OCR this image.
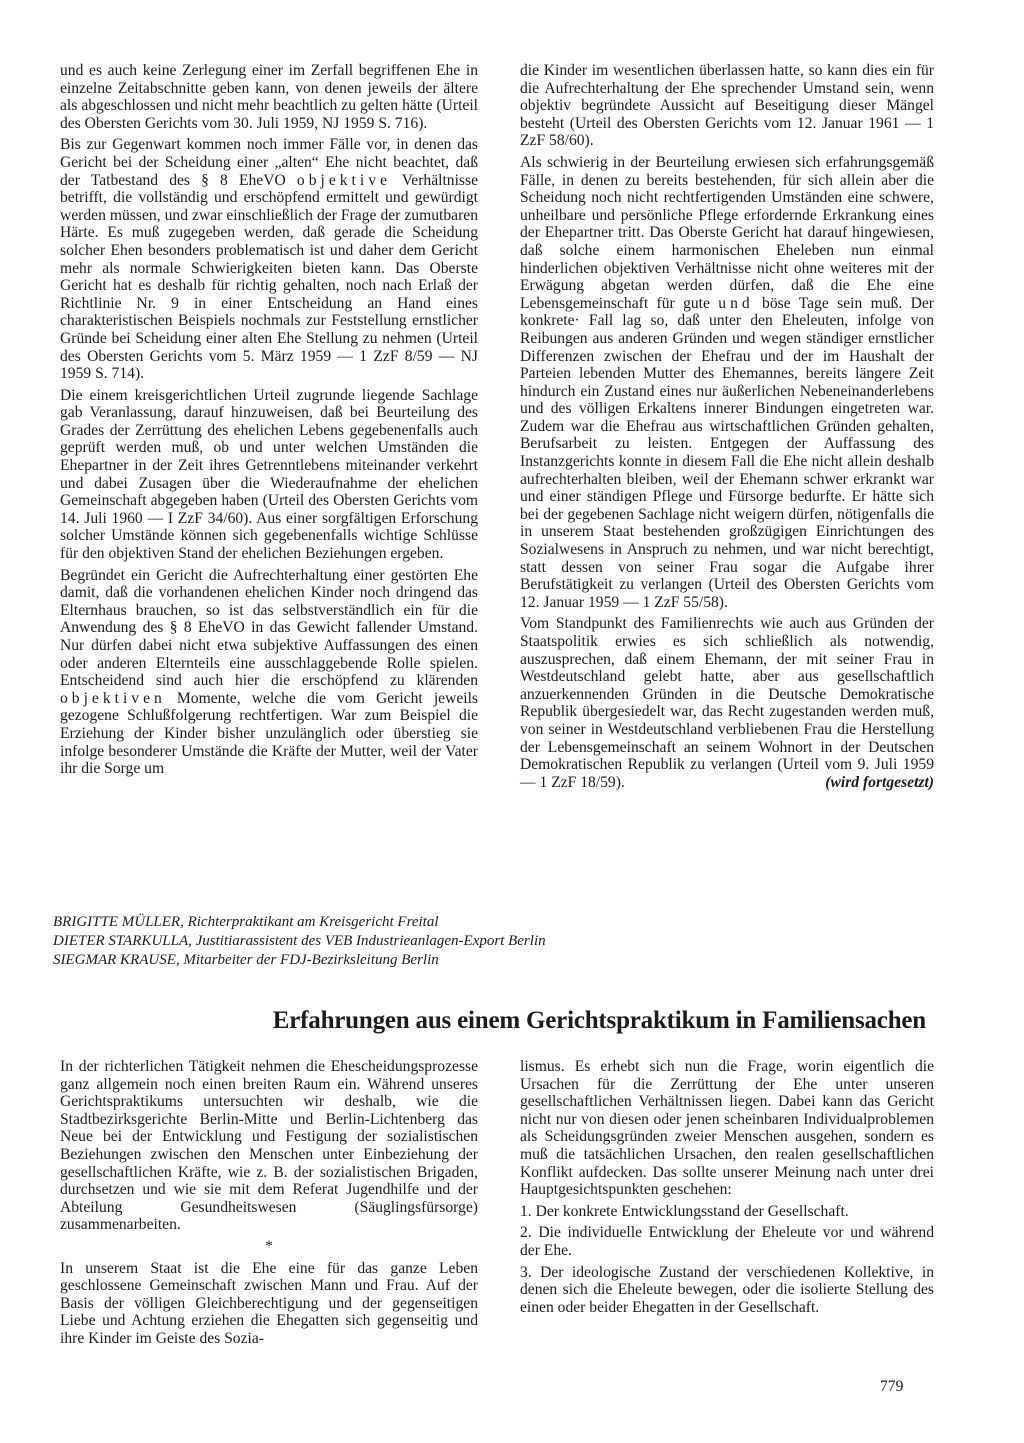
und es auch keine Zerlegung einer im Zerfall begriffenen Ehe in einzelne Zeitabschnitte geben kann, von denen jeweils der ältere als abgeschlossen und nicht mehr beachtlich zu gelten hätte (Urteil des Obersten Gerichts vom 30. Juli 1959, NJ 1959 S. 716).

Bis zur Gegenwart kommen noch immer Fälle vor, in denen das Gericht bei der Scheidung einer „alten“ Ehe nicht beachtet, daß der Tatbestand des § 8 EheVO objektive Verhältnisse betrifft, die vollständig und erschöpfend ermittelt und gewürdigt werden müssen, und zwar einschließlich der Frage der zumutbaren Härte. Es muß zugegeben werden, daß gerade die Scheidung solcher Ehen besonders problematisch ist und daher dem Gericht mehr als normale Schwierigkeiten bieten kann. Das Oberste Gericht hat es deshalb für richtig gehalten, noch nach Erlaß der Richtlinie Nr. 9 in einer Entscheidung an Hand eines charakteristischen Beispiels nochmals zur Feststellung ernstlicher Gründe bei Scheidung einer alten Ehe Stellung zu nehmen (Urteil des Obersten Gerichts vom 5. März 1959 — 1 ZzF 8/59 — NJ 1959 S. 714).

Die einem kreisgerichtlichen Urteil zugrunde liegende Sachlage gab Veranlassung, darauf hinzuweisen, daß bei Beurteilung des Grades der Zerrüttung des ehelichen Lebens gegebenenfalls auch geprüft werden muß, ob und unter welchen Umständen die Ehepartner in der Zeit ihres Getrenntlebens miteinander verkehrt und dabei Zusagen über die Wiederaufnahme der ehelichen Gemeinschaft abgegeben haben (Urteil des Obersten Gerichts vom 14. Juli 1960 — I ZzF 34/60). Aus einer sorgfältigen Erforschung solcher Umstände können sich gegebenenfalls wichtige Schlüsse für den objektiven Stand der ehelichen Beziehungen ergeben.

Begründet ein Gericht die Aufrechterhaltung einer gestörten Ehe damit, daß die vorhandenen ehelichen Kinder noch dringend das Elternhaus brauchen, so ist das selbstverständlich ein für die Anwendung des § 8 EheVO in das Gewicht fallender Umstand. Nur dürfen dabei nicht etwa subjektive Auffassungen des einen oder anderen Elternteils eine ausschlaggebende Rolle spielen. Entscheidend sind auch hier die erschöpfend zu klärenden objektiven Momente, welche die vom Gericht jeweils gezogene Schlußfolgerung rechtfertigen. War zum Beispiel die Erziehung der Kinder bisher unzulänglich oder überstieg sie infolge besonderer Umstände die Kräfte der Mutter, weil der Vater ihr die Sorge um

die Kinder im wesentlichen überlassen hatte, so kann dies ein für die Aufrechterhaltung der Ehe sprechender Umstand sein, wenn objektiv begründete Aussicht auf Beseitigung dieser Mängel besteht (Urteil des Obersten Gerichts vom 12. Januar 1961 — 1 ZzF 58/60).

Als schwierig in der Beurteilung erwiesen sich erfahrungsgemäß Fälle, in denen zu bereits bestehenden, für sich allein aber die Scheidung noch nicht rechtfertigenden Umständen eine schwere, unheilbare und persönliche Pflege erfordernde Erkrankung eines der Ehepartner tritt. Das Oberste Gericht hat darauf hingewiesen, daß solche einem harmonischen Eheleben nun einmal hinderlichen objektiven Verhältnisse nicht ohne weiteres mit der Erwägung abgetan werden dürfen, daß die Ehe eine Lebensgemeinschaft für gute und böse Tage sein muß. Der konkrete· Fall lag so, daß unter den Eheleuten, infolge von Reibungen aus anderen Gründen und wegen ständiger ernstlicher Differenzen zwischen der Ehefrau und der im Haushalt der Parteien lebenden Mutter des Ehemannes, bereits längere Zeit hindurch ein Zustand eines nur äußerlichen Nebeneinanderlebens und des völligen Erkaltens innerer Bindungen eingetreten war. Zudem war die Ehefrau aus wirtschaftlichen Gründen gehalten, Berufsarbeit zu leisten. Entgegen der Auffassung des Instanzgerichts konnte in diesem Fall die Ehe nicht allein deshalb aufrechterhalten bleiben, weil der Ehemann schwer erkrankt war und einer ständigen Pflege und Fürsorge bedurfte. Er hätte sich bei der gegebenen Sachlage nicht weigern dürfen, nötigenfalls die in unserem Staat bestehenden großzügigen Einrichtungen des Sozialwesens in Anspruch zu nehmen, und war nicht berechtigt, statt dessen von seiner Frau sogar die Aufgabe ihrer Berufstätigkeit zu verlangen (Urteil des Obersten Gerichts vom 12. Januar 1959 — 1 ZzF 55/58).

Vom Standpunkt des Familienrechts wie auch aus Gründen der Staatspolitik erwies es sich schließlich als notwendig, auszusprechen, daß einem Ehemann, der mit seiner Frau in Westdeutschland gelebt hatte, aber aus gesellschaftlich anzuerkennenden Gründen in die Deutsche Demokratische Republik übergesiedelt war, das Recht zugestanden werden muß, von seiner in Westdeutschland verbliebenen Frau die Herstellung der Lebensgemeinschaft an seinem Wohnort in der Deutschen Demokratischen Republik zu verlangen (Urteil vom 9. Juli 1959 — 1 ZzF 18/59).	(wird fortgesetzt)

BRIGITTE MÜLLER, Richterpraktikant am Kreisgericht Freital
DIETER STARKULLA, Justitiarassistent des VEB Industrieanlagen-Export Berlin
SIEGMAR KRAUSE, Mitarbeiter der FDJ-Bezirksleitung Berlin
Erfahrungen aus einem Gerichtspraktikum in Familiensachen

In der richterlichen Tätigkeit nehmen die Ehescheidungsprozesse ganz allgemein noch einen breiten Raum ein. Während unseres Gerichtspraktikums untersuchten wir deshalb, wie die Stadtbezirksgerichte Berlin-Mitte und Berlin-Lichtenberg das Neue bei der Entwicklung und Festigung der sozialistischen Beziehungen zwischen den Menschen unter Einbeziehung der gesellschaftlichen Kräfte, wie z. B. der sozialistischen Brigaden, durchsetzen und wie sie mit dem Referat Jugendhilfe und der Abteilung Gesundheitswesen (Säuglingsfürsorge) zusammenarbeiten.

*

In unserem Staat ist die Ehe eine für das ganze Leben geschlossene Gemeinschaft zwischen Mann und Frau. Auf der Basis der völligen Gleichberechtigung und der gegenseitigen Liebe und Achtung erziehen die Ehegatten sich gegenseitig und ihre Kinder im Geiste des Sozia-

lismus. Es erhebt sich nun die Frage, worin eigentlich die Ursachen für die Zerrüttung der Ehe unter unseren gesellschaftlichen Verhältnissen liegen. Dabei kann das Gericht nicht nur von diesen oder jenen scheinbaren Individualproblemen als Scheidungsgründen zweier Menschen ausgehen, sondern es muß die tatsächlichen Ursachen, den realen gesellschaftlichen Konflikt aufdecken. Das sollte unserer Meinung nach unter drei Hauptgesichtspunkten geschehen:

1. Der konkrete Entwicklungsstand der Gesellschaft.
2. Die individuelle Entwicklung der Eheleute vor und während der Ehe.
3. Der ideologische Zustand der verschiedenen Kollektive, in denen sich die Eheleute bewegen, oder die isolierte Stellung des einen oder beider Ehegatten in der Gesellschaft.
779
